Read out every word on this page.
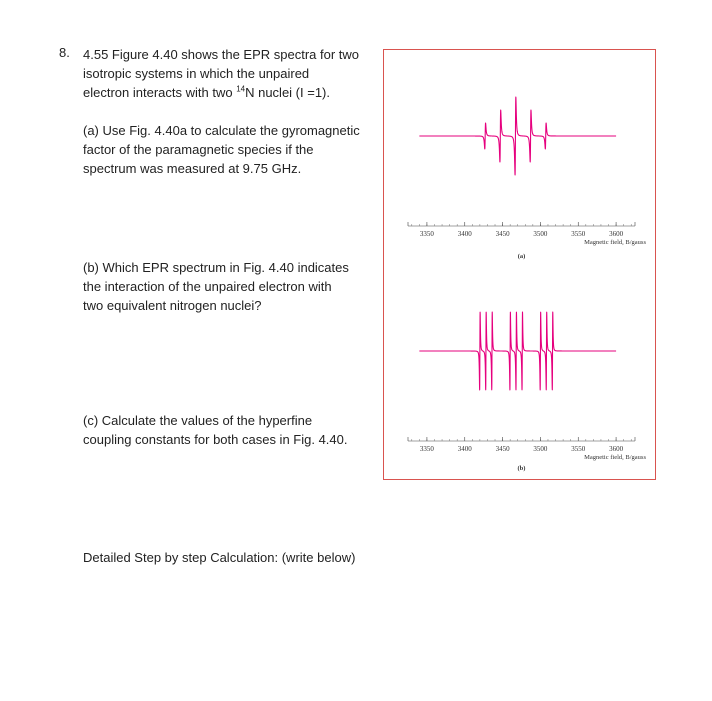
8. 4.55 Figure 4.40 shows the EPR spectra for two
isotropic systems in which the unpaired
electron interacts with two $^{14}$N nuclei (I =1).
(a) Use Fig. 4.40a to calculate the gyromagnetic
factor of the paramagnetic species if the
spectrum was measured at 9.75 GHz.
(b) Which EPR spectrum in Fig. 4.40 indicates
the interaction of the unpaired electron with
two equivalent nitrogen nuclei?
(c) Calculate the values of the hyperfine
coupling constants for both cases in Fig. 4.40.
Detailed Step by step Calculation: (write below)
3350	3400	3450	3500	3550	3600
Magnetic field, B/gauss
(a)
3350	3400	3450	3500	3550	3600
Magnetic field, B/gauss
(b)
